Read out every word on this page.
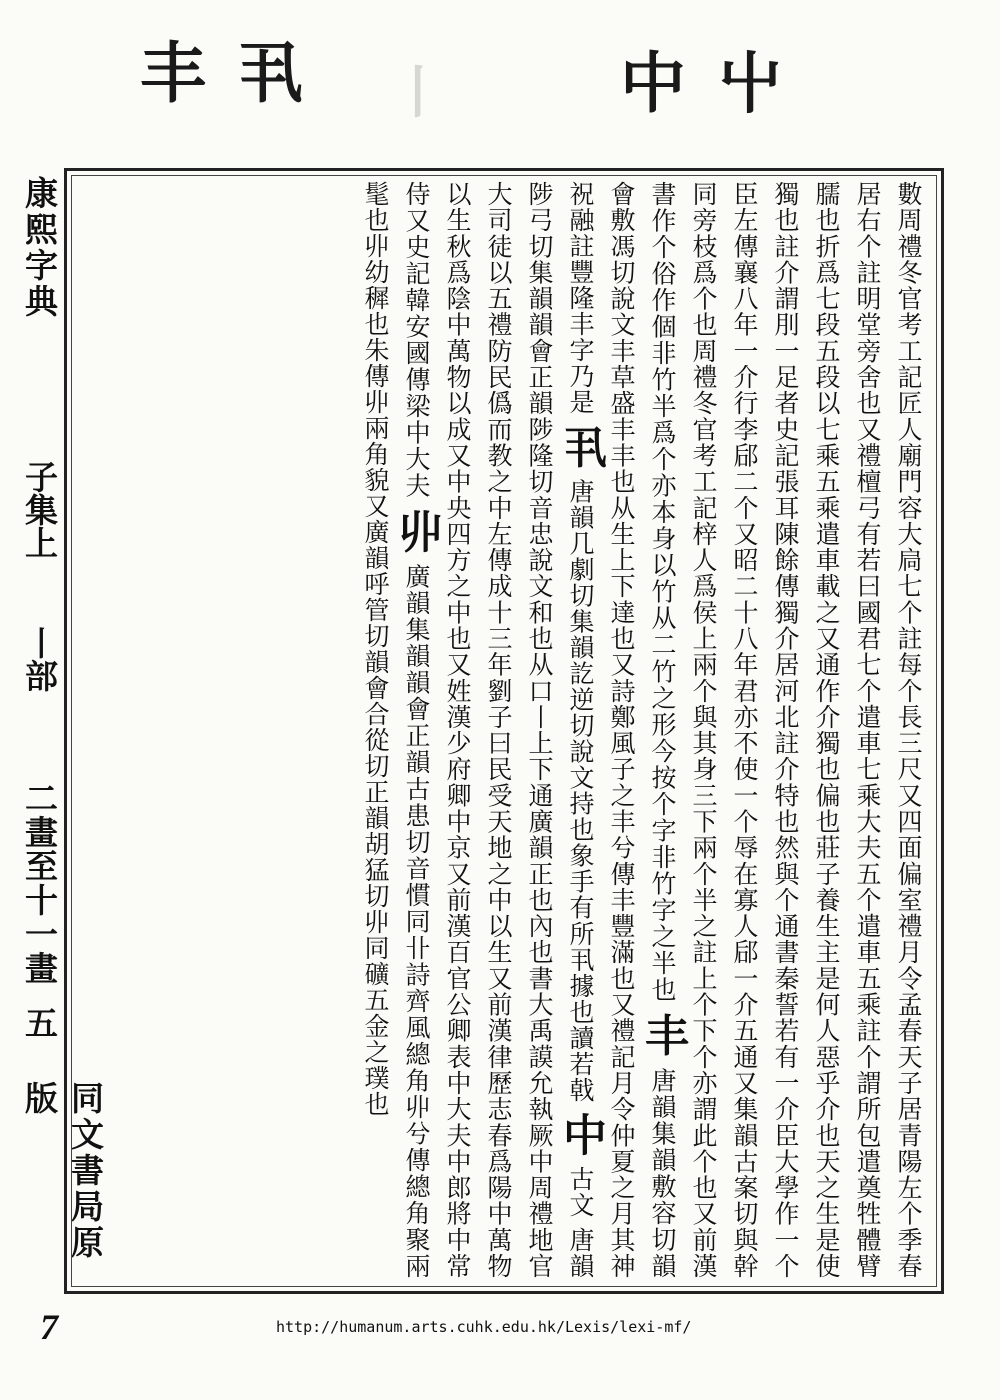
丰 丮 丨	中 屮
康熙字典
子集上
丨部
二畫至十一畫
五
同文書局原版	數周禮冬官考工記匠人廟門容大扃七个註每个長三尺又四面偏室禮月令孟春天子居青陽左个季春居右个註明堂旁舍也又禮檀弓有若曰國君七个遣車七乘大夫五个遣車五乘註个謂所包遣奠牲體臂臑也折爲七段五段以七乘五乘遣車載之又通作介獨也偏也莊子養生主是何人惡乎介也天之生是使獨也註介謂刖一足者史記張耳陳餘傳獨介居河北註介特也然與个通書秦誓若有一介臣大學作一个臣左傳襄八年一介行李郈二个又昭二十八年君亦不使一个辱在寡人郈一介五通又集韻古案切與幹同旁枝爲个也周禮冬官考工記梓人爲侯上兩个與其身三下兩个半之註上个下个亦謂此个也又前漢書作个俗作個非竹半爲个亦本身以竹从二竹之形今按个字非竹字之半也 丰 唐韻集韻敷容切韻會敷馮切說文丰草盛丰丰也从生上下達也又詩鄭風子之丰兮傳丰豐滿也又禮記月令仲夏之月其神祝融註豐隆丰字乃是 丮 唐韻几劇切集韻訖逆切說文持也象手有所丮據也讀若戟 中 古文 唐韻陟弓切集韻韻會正韻陟隆切音忠說文和也从口丨上下通廣韻正也內也書大禹謨允執厥中周禮地官大司徒以五禮防民僞而教之中左傳成十三年劉子曰民受天地之中以生又前漢律歷志春爲陽中萬物以生秋爲陰中萬物以成又中央四方之中也又姓漢少府卿中京又前漢百官公卿表中大夫中郎將中常侍又史記韓安國傳梁中大夫 丱 廣韻集韻韻會正韻古患切音慣同卝詩齊風總角丱兮傳總角聚兩髦也丱幼穉也朱傳丱兩角貌又廣韻呼管切韻會合從切正韻胡猛切丱同礦五金之璞也
7	http://humanum.arts.cuhk.edu.hk/Lexis/lexi-mf/
